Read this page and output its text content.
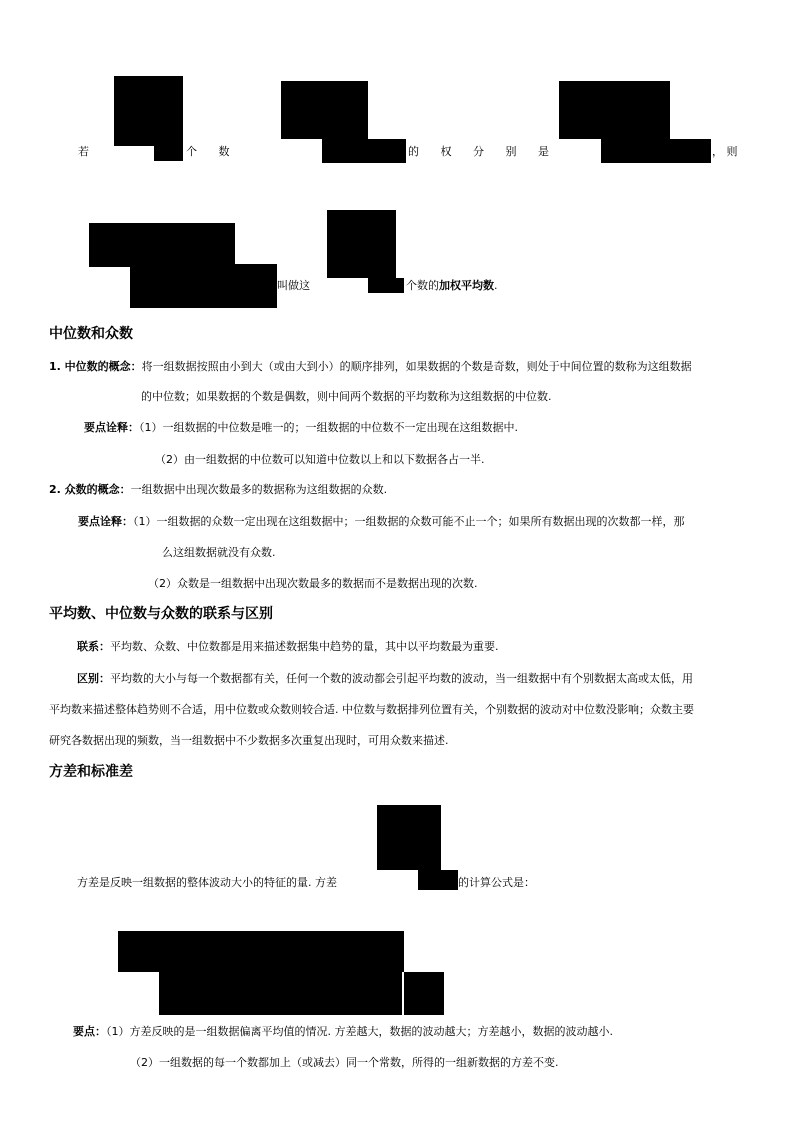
若	个 数	的 权 分 别 是	， 则
叫做这	个数的加权平均数.
中位数和众数
1. 中位数的概念：将一组数据按照由小到大（或由大到小）的顺序排列，如果数据的个数是奇数，则处于中间位置的数称为这组数据
的中位数；如果数据的个数是偶数，则中间两个数据的平均数称为这组数据的中位数.
要点诠释：（1）一组数据的中位数是唯一的；一组数据的中位数不一定出现在这组数据中.
（2）由一组数据的中位数可以知道中位数以上和以下数据各占一半.
2. 众数的概念：一组数据中出现次数最多的数据称为这组数据的众数.
要点诠释：（1）一组数据的众数一定出现在这组数据中；一组数据的众数可能不止一个；如果所有数据出现的次数都一样，那
么这组数据就没有众数.
（2）众数是一组数据中出现次数最多的数据而不是数据出现的次数.
平均数、中位数与众数的联系与区别
联系：平均数、众数、中位数都是用来描述数据集中趋势的量，其中以平均数最为重要.
区别：平均数的大小与每一个数据都有关，任何一个数的波动都会引起平均数的波动，当一组数据中有个别数据太高或太低，用
平均数来描述整体趋势则不合适，用中位数或众数则较合适. 中位数与数据排列位置有关，个别数据的波动对中位数没影响；众数主要
研究各数据出现的频数，当一组数据中不少数据多次重复出现时，可用众数来描述.
方差和标准差
方差是反映一组数据的整体波动大小的特征的量. 方差	的计算公式是：
要点：（1）方差反映的是一组数据偏离平均值的情况. 方差越大，数据的波动越大；方差越小，数据的波动越小.
（2）一组数据的每一个数都加上（或减去）同一个常数，所得的一组新数据的方差不变.
